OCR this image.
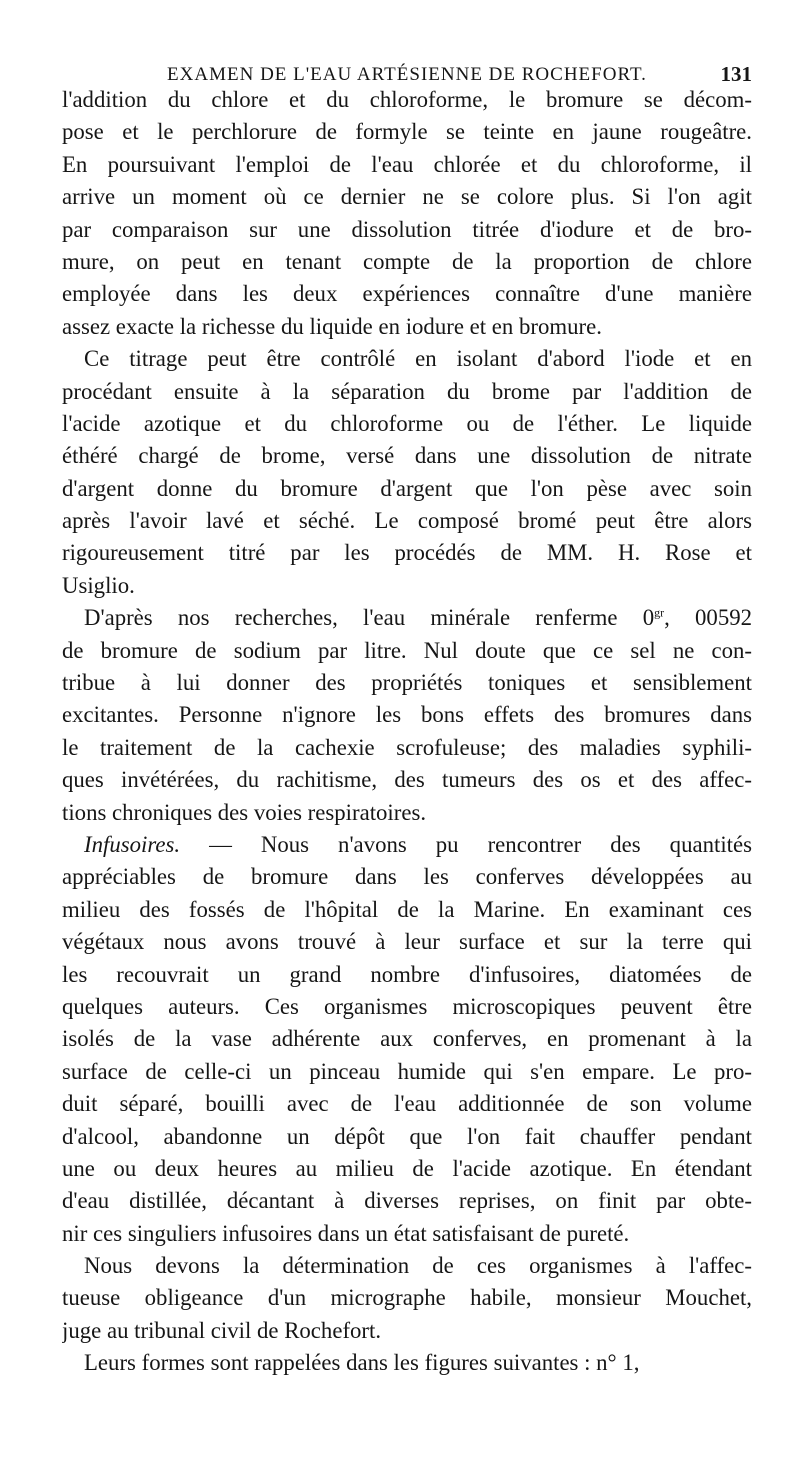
EXAMEN DE L'EAU ARTÉSIENNE DE ROCHEFORT.	131
l'addition du chlore et du chloroforme, le bromure se décom-
pose et le perchlorure de formyle se teinte en jaune rougeâtre.
En poursuivant l'emploi de l'eau chlorée et du chloroforme, il
arrive un moment où ce dernier ne se colore plus. Si l'on agit
par comparaison sur une dissolution titrée d'iodure et de bro-
mure, on peut en tenant compte de la proportion de chlore
employée dans les deux expériences connaître d'une manière
assez exacte la richesse du liquide en iodure et en bromure.
Ce titrage peut être contrôlé en isolant d'abord l'iode et en
procédant ensuite à la séparation du brome par l'addition de
l'acide azotique et du chloroforme ou de l'éther. Le liquide
éthéré chargé de brome, versé dans une dissolution de nitrate
d'argent donne du bromure d'argent que l'on pèse avec soin
après l'avoir lavé et séché. Le composé bromé peut être alors
rigoureusement titré par les procédés de MM. H. Rose et
Usiglio.
D'après nos recherches, l'eau minérale renferme $0^{gr}$, 00592
de bromure de sodium par litre. Nul doute que ce sel ne con-
tribue à lui donner des propriétés toniques et sensiblement
excitantes. Personne n'ignore les bons effets des bromures dans
le traitement de la cachexie scrofuleuse; des maladies syphili-
ques invétérées, du rachitisme, des tumeurs des os et des affec-
tions chroniques des voies respiratoires.
Infusoires. — Nous n'avons pu rencontrer des quantités
appréciables de bromure dans les conferves développées au
milieu des fossés de l'hôpital de la Marine. En examinant ces
végétaux nous avons trouvé à leur surface et sur la terre qui
les recouvrait un grand nombre d'infusoires, diatomées de
quelques auteurs. Ces organismes microscopiques peuvent être
isolés de la vase adhérente aux conferves, en promenant à la
surface de celle-ci un pinceau humide qui s'en empare. Le pro-
duit séparé, bouilli avec de l'eau additionnée de son volume
d'alcool, abandonne un dépôt que l'on fait chauffer pendant
une ou deux heures au milieu de l'acide azotique. En étendant
d'eau distillée, décantant à diverses reprises, on finit par obte-
nir ces singuliers infusoires dans un état satisfaisant de pureté.
Nous devons la détermination de ces organismes à l'affec-
tueuse obligeance d'un micrographe habile, monsieur Mouchet,
juge au tribunal civil de Rochefort.
Leurs formes sont rappelées dans les figures suivantes : n° 1,
